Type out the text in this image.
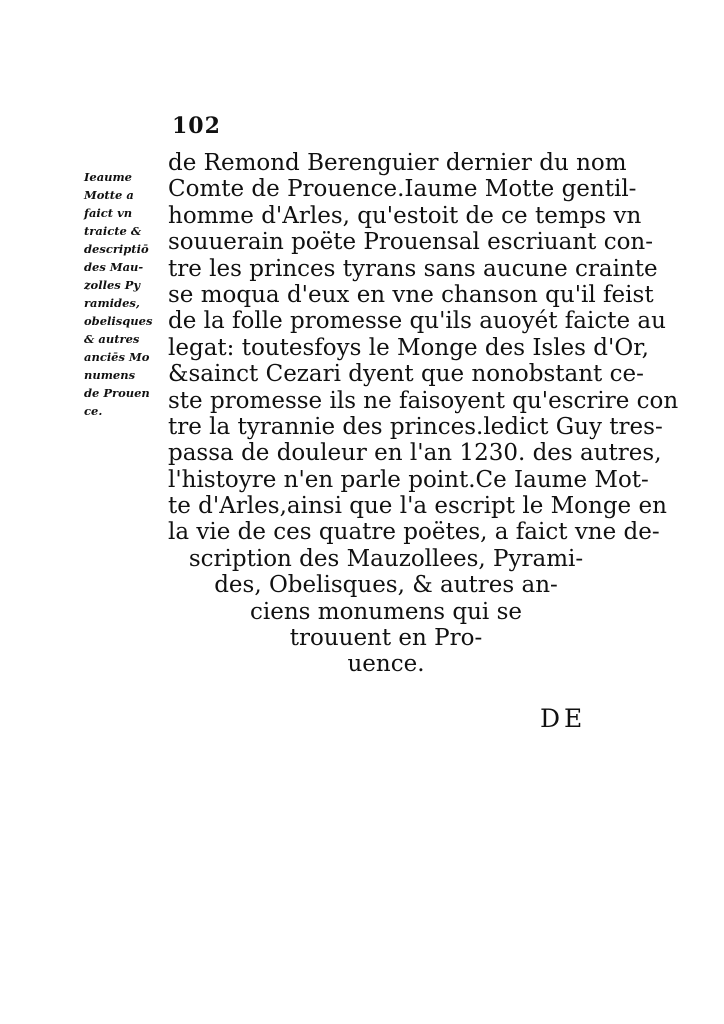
102
Ieaume
Motte a
faict vn
traicte &
descriptiō
des Mau-
zolles Py
ramides,
obelisques
& autres
anciēs Mo
numens
de Prouen
ce.
de Remond Berenguier dernier du nom
Comte de Prouence.Iaume Motte gentil-
homme d'Arles, qu'estoit de ce temps vn
souuerain poëte Prouensal escriuant con-
tre les princes tyrans sans aucune crainte
se moqua d'eux en vne chanson qu'il feist
de la folle promesse qu'ils auoyét faicte au
legat: toutesfoys le Monge des Isles d'Or,
&sainct Cezari dyent que nonobstant ce-
ste promesse ils ne faisoyent qu'escrire con
tre la tyrannie des princes.ledict Guy tres-
passa de douleur en l'an 1230. des autres,
l'histoyre n'en parle point.Ce Iaume Mot-
te d'Arles,ainsi que l'a escript le Monge en
la vie de ces quatre poëtes, a faict vne de-
scription des Mauzollees, Pyrami-
des, Obelisques, & autres an-
ciens monumens qui se
trouuent en Pro-
uence.
DE
